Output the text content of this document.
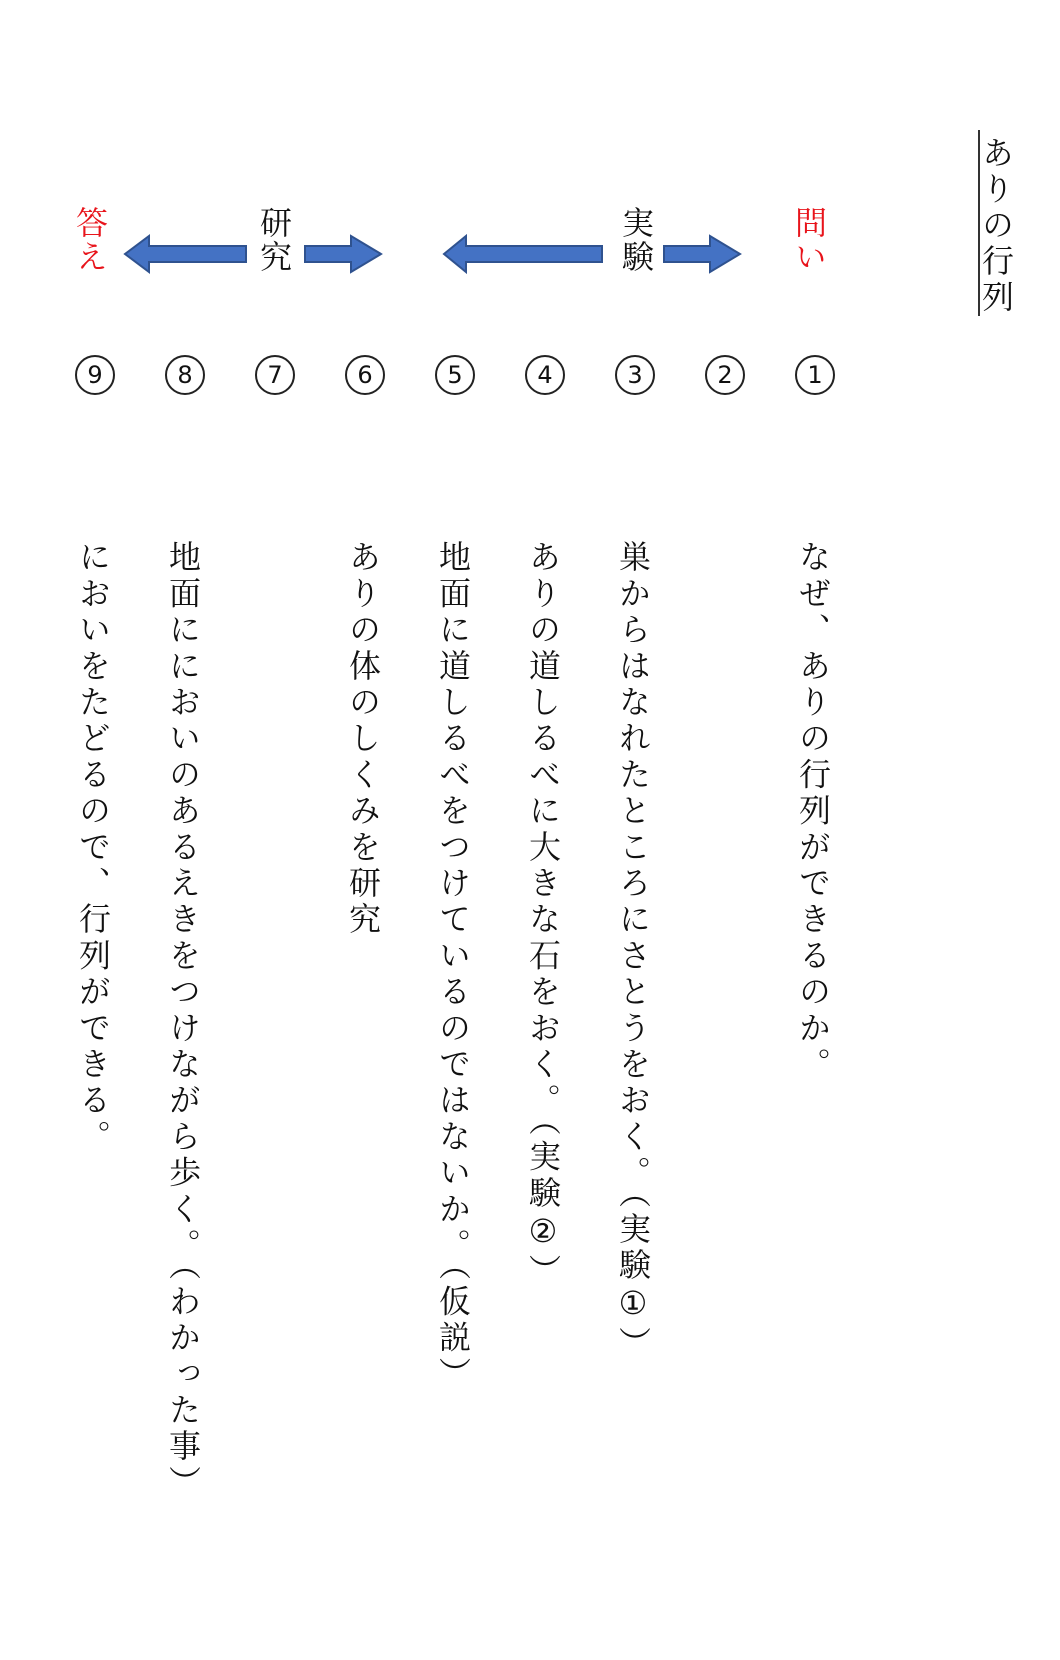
ありの行列
問い
実験
研究
答え
1
2
3
4
5
6
7
8
9
なぜ、ありの行列ができるのか。
巣からはなれたところにさとうをおく。（実験①）
ありの道しるべに大きな石をおく。（実験②）
地面に道しるべをつけているのではないか。（仮説）
ありの体のしくみを研究
地面ににおいのあるえきをつけながら歩く。（わかった事）
においをたどるので、行列ができる。
